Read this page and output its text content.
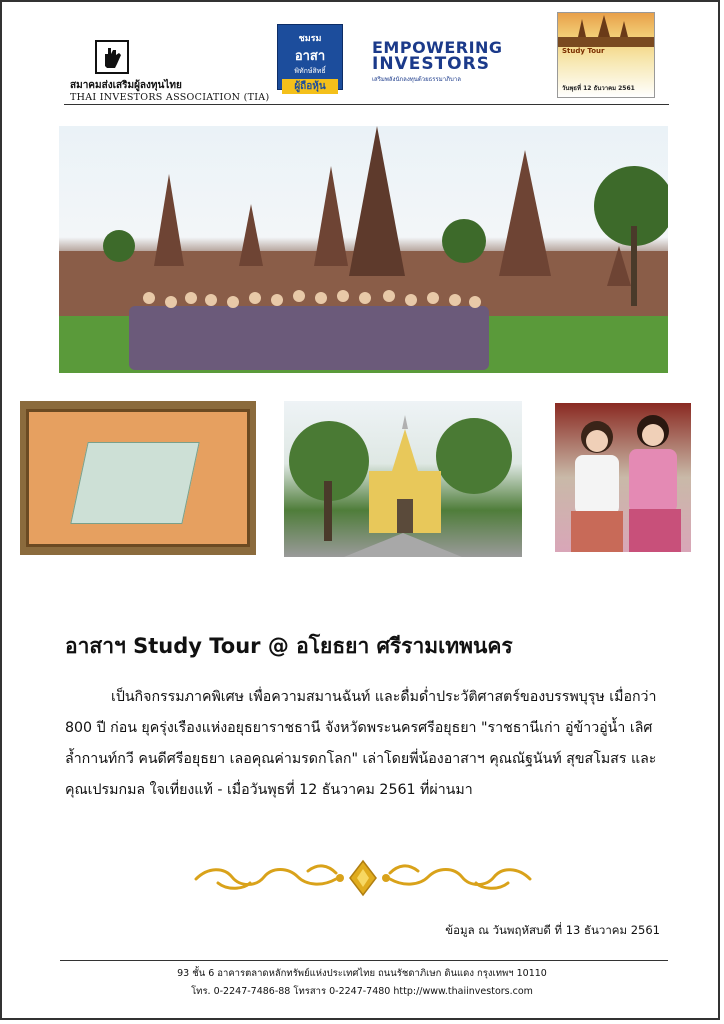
สมาคมส่งเสริมผู้ลงทุนไทย
THAI INVESTORS ASSOCIATION (TIA)
ชมรม
อาสา
พิทักษ์สิทธิ์
ผู้ถือหุ้น
EMPOWERING
INVESTORS
เสริมพลังนักลงทุนด้วยธรรมาภิบาล
Study Tour
วันพุธที่ 12 ธันวาคม 2561
อาสาฯ Study Tour @ อโยธยา ศรีรามเทพนคร

เป็นกิจกรรมภาคพิเศษ เพื่อความสมานฉันท์ และดื่มด่ำประวัติศาสตร์ของบรรพบุรุษ เมื่อกว่า 800 ปี ก่อน ยุครุ่งเรืองแห่งอยุธยาราชธานี จังหวัดพระนครศรีอยุธยา "ราชธานีเก่า อู่ข้าวอู่น้ำ เลิศล้ำกานท์กวี คนดีศรีอยุธยา เลอคุณค่ามรดกโลก" เล่าโดยพี่น้องอาสาฯ คุณณัฐนันท์ สุขสโมสร และคุณเปรมกมล ใจเที่ยงแท้ - เมื่อวันพุธที่ 12 ธันวาคม 2561 ที่ผ่านมา

ข้อมูล ณ วันพฤหัสบดี ที่ 13 ธันวาคม 2561
93 ชั้น 6 อาคารตลาดหลักทรัพย์แห่งประเทศไทย ถนนรัชดาภิเษก ดินแดง กรุงเทพฯ 10110
โทร. 0-2247-7486-88 โทรสาร 0-2247-7480 http://www.thaiinvestors.com
